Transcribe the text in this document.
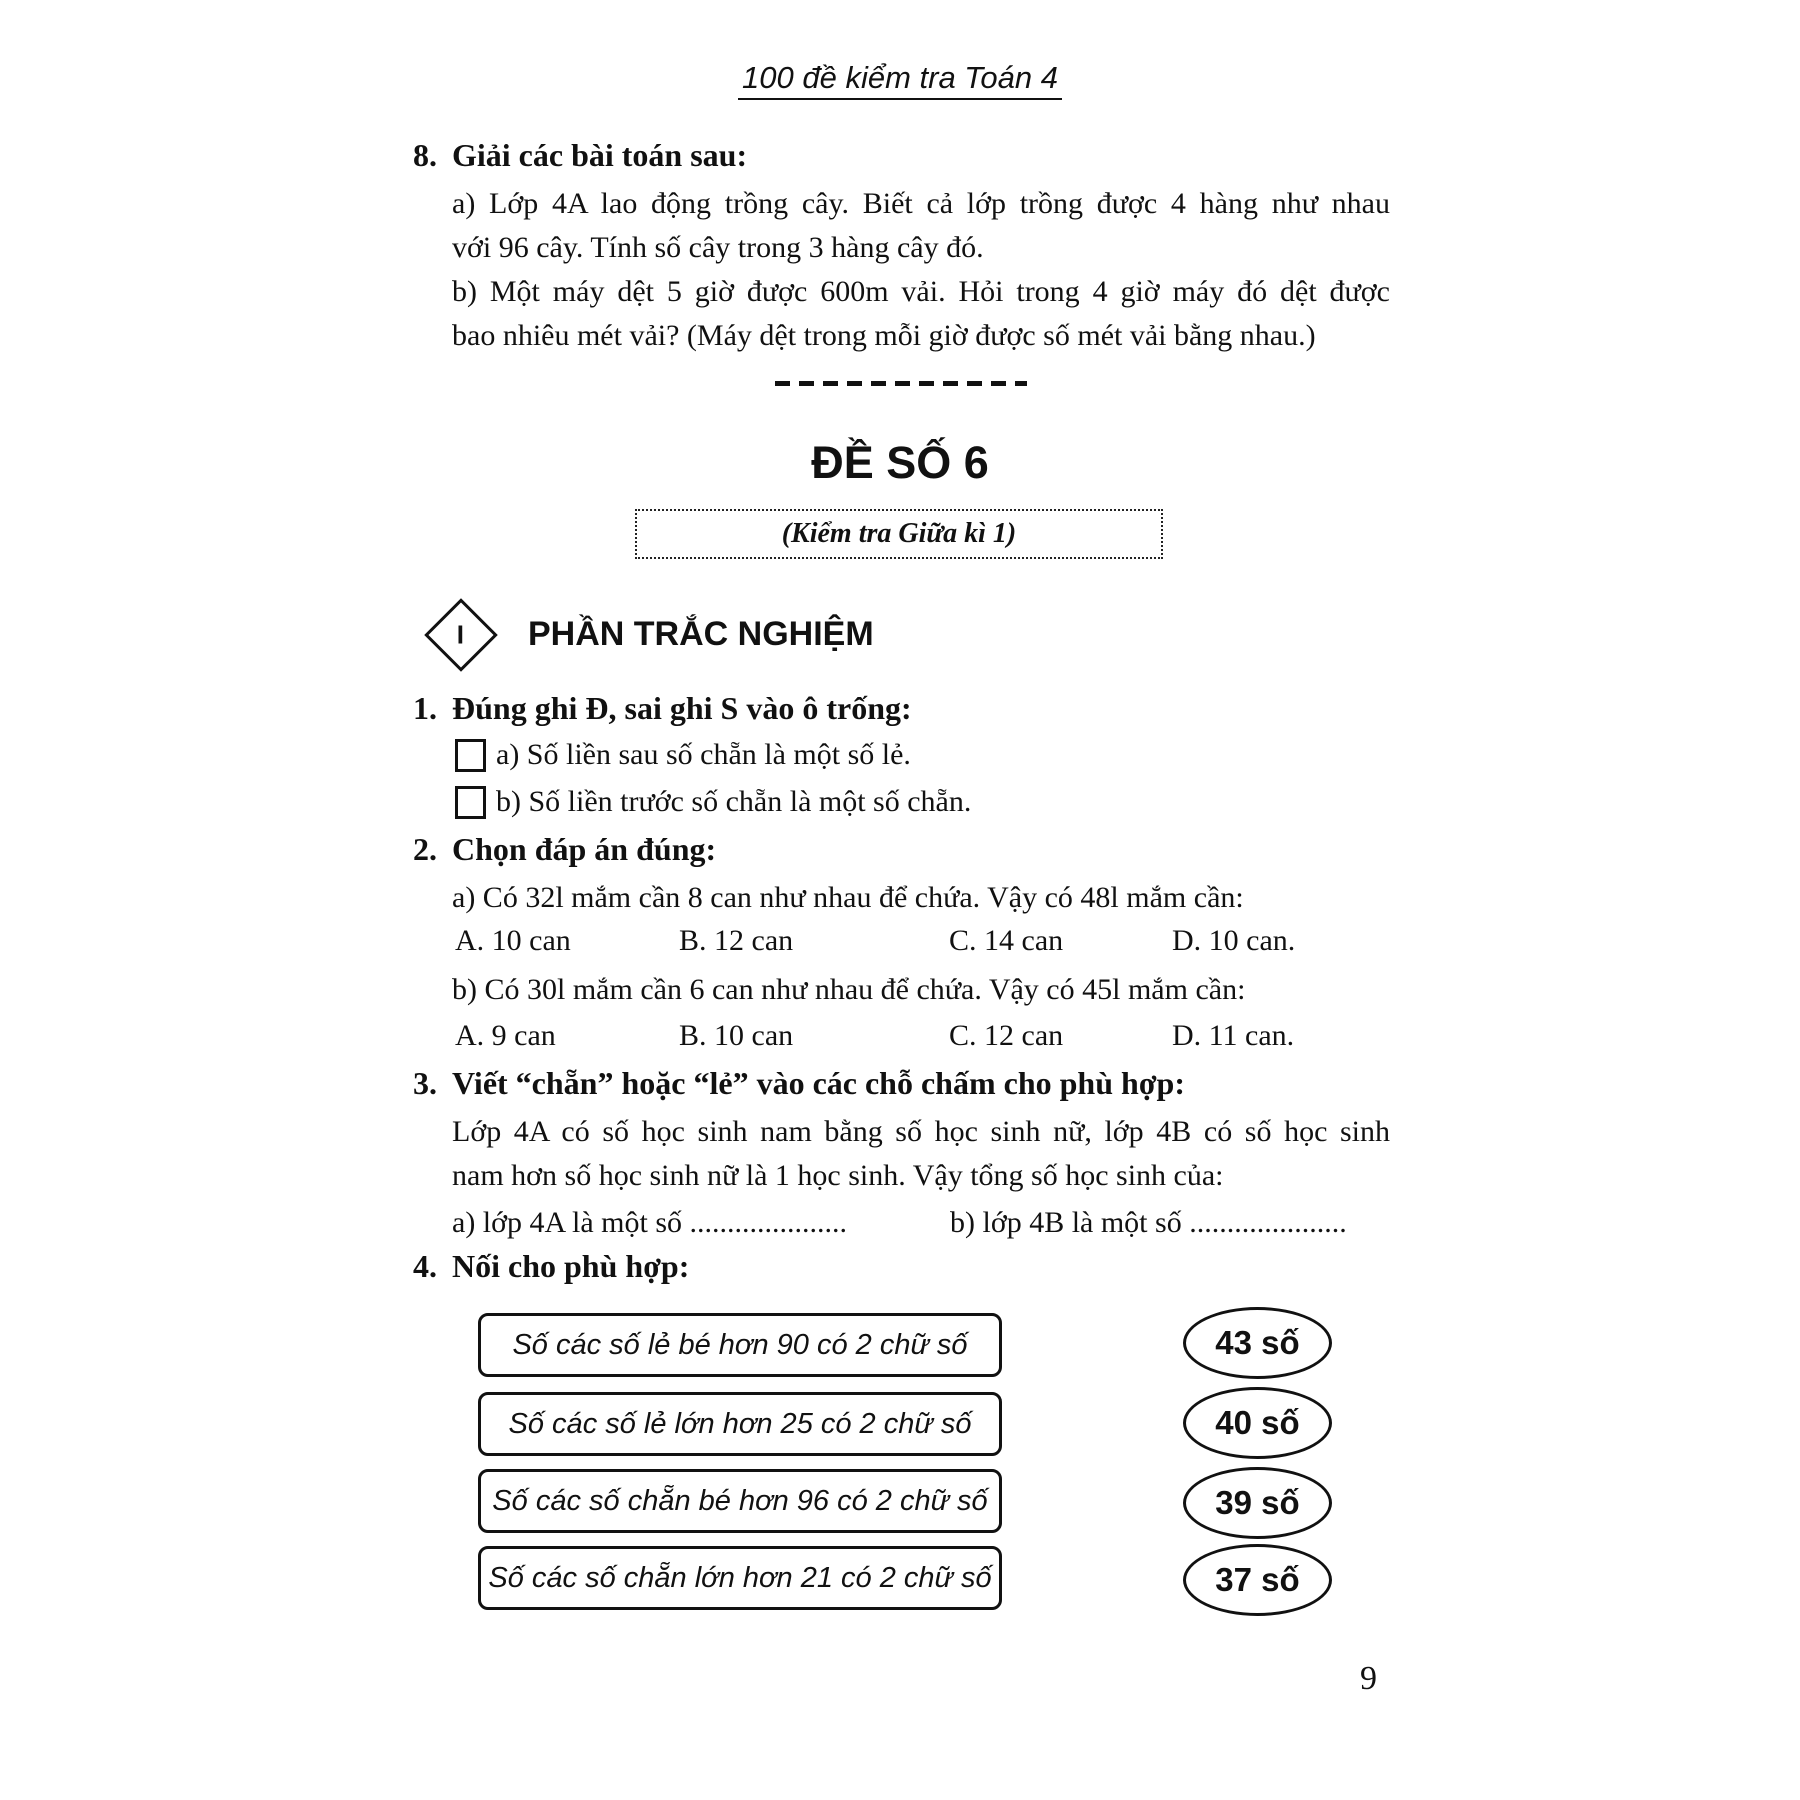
100 đề kiểm tra Toán 4
8. Giải các bài toán sau:
a) Lớp 4A lao động trồng cây. Biết cả lớp trồng được 4 hàng như nhau
với 96 cây. Tính số cây trong 3 hàng cây đó.
b) Một máy dệt 5 giờ được 600m vải. Hỏi trong 4 giờ máy đó dệt được
bao nhiêu mét vải? (Máy dệt trong mỗi giờ được số mét vải bằng nhau.)
ĐỀ SỐ 6
(Kiểm tra Giữa kì 1)
I PHẦN TRẮC NGHIỆM
1. Đúng ghi Đ, sai ghi S vào ô trống:
a) Số liền sau số chẵn là một số lẻ.
b) Số liền trước số chẵn là một số chẵn.
2. Chọn đáp án đúng:
a) Có 32l mắm cần 8 can như nhau để chứa. Vậy có 48l mắm cần:
A. 10 can	B. 12 can	C. 14 can	D. 10 can.
b) Có 30l mắm cần 6 can như nhau để chứa. Vậy có 45l mắm cần:
A. 9 can	B. 10 can	C. 12 can	D. 11 can.
3. Viết “chẵn” hoặc “lẻ” vào các chỗ chấm cho phù hợp:
Lớp 4A có số học sinh nam bằng số học sinh nữ, lớp 4B có số học sinh
nam hơn số học sinh nữ là 1 học sinh. Vậy tổng số học sinh của:
a) lớp 4A là một số .....................	b) lớp 4B là một số .....................
4. Nối cho phù hợp:
Số các số lẻ bé hơn 90 có 2 chữ số
Số các số lẻ lớn hơn 25 có 2 chữ số
Số các số chẵn bé hơn 96 có 2 chữ số
Số các số chẵn lớn hơn 21 có 2 chữ số
43 số
40 số
39 số
37 số
9
